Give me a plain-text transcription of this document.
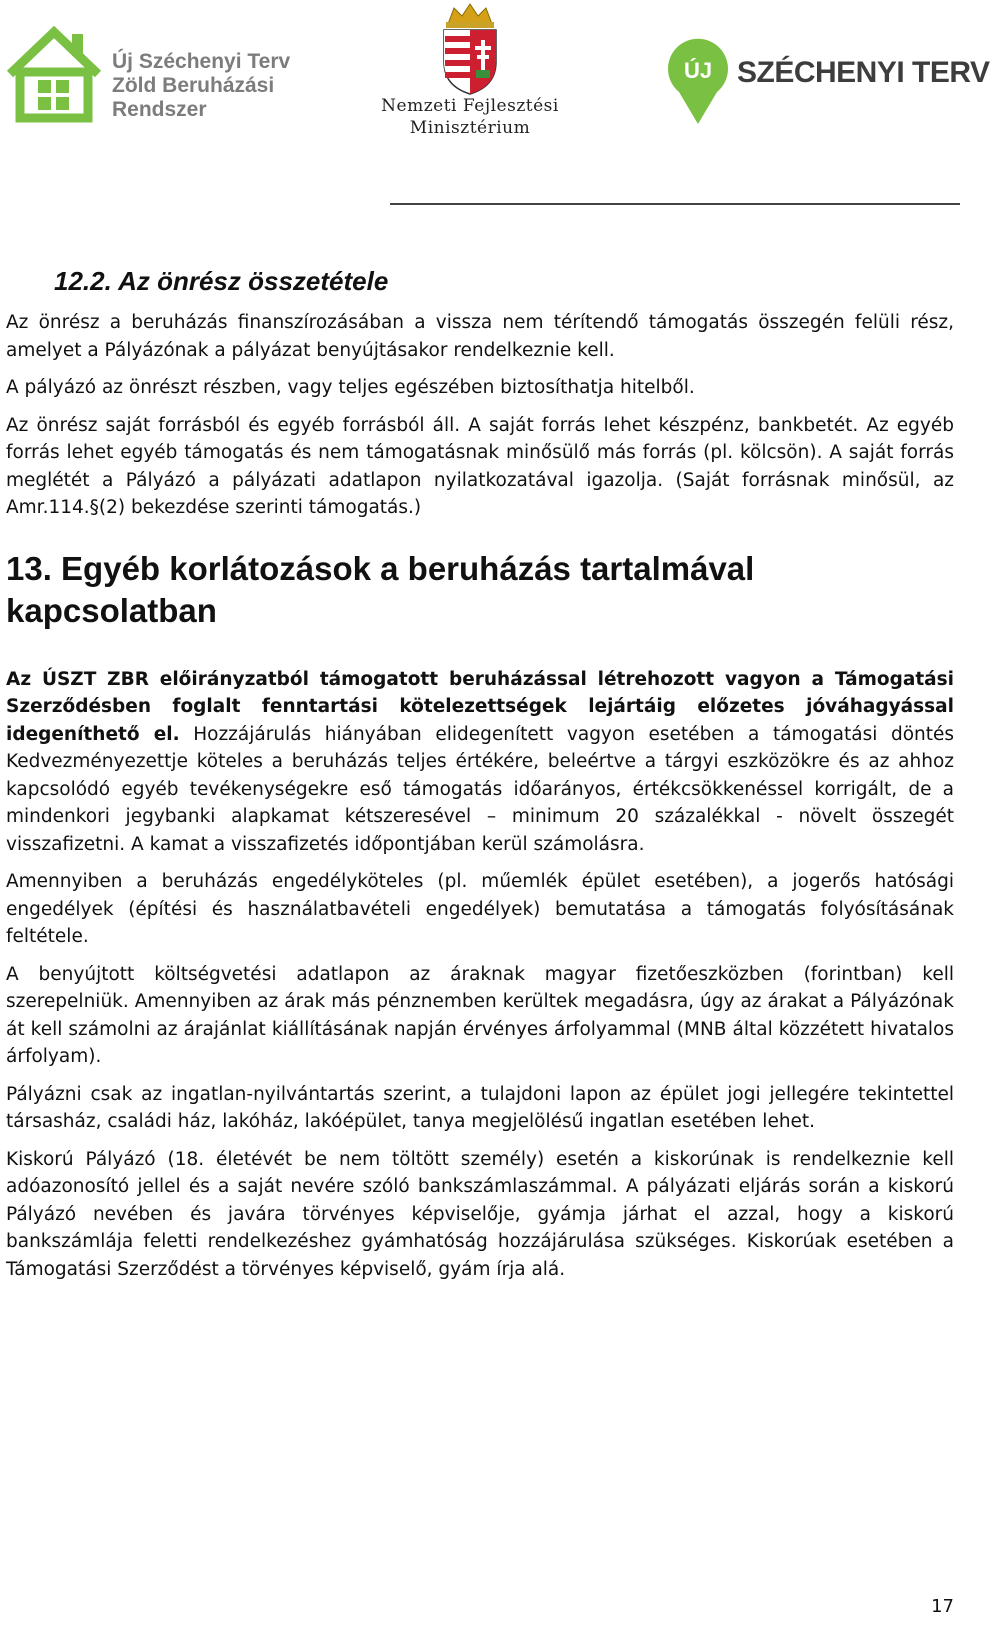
Új Széchenyi Terv
Zöld Beruházási
Rendszer	Nemzeti Fejlesztési
Minisztérium
ÚJ SZÉCHENYI TERV
12.2. Az önrész összetétele

Az önrész a beruházás finanszírozásában a vissza nem térítendő támogatás összegén felüli rész, amelyet a Pályázónak a pályázat benyújtásakor rendelkeznie kell.

A pályázó az önrészt részben, vagy teljes egészében biztosíthatja hitelből.

Az önrész saját forrásból és egyéb forrásból áll. A saját forrás lehet készpénz, bankbetét. Az egyéb forrás lehet egyéb támogatás és nem támogatásnak minősülő más forrás (pl. kölcsön). A saját forrás meglétét a Pályázó a pályázati adatlapon nyilatkozatával igazolja. (Saját forrásnak minősül, az Amr.114.§(2) bekezdése szerinti támogatás.)

13. Egyéb korlátozások a beruházás tartalmával kapcsolatban

Az ÚSZT ZBR előirányzatból támogatott beruházással létrehozott vagyon a Támogatási Szerződésben foglalt fenntartási kötelezettségek lejártáig előzetes jóváhagyással idegeníthető el. Hozzájárulás hiányában elidegenített vagyon esetében a támogatási döntés Kedvezményezettje köteles a beruházás teljes értékére, beleértve a tárgyi eszközökre és az ahhoz kapcsolódó egyéb tevékenységekre eső támogatás időarányos, értékcsökkenéssel korrigált, de a mindenkori jegybanki alapkamat kétszeresével – minimum 20 százalékkal - növelt összegét visszafizetni. A kamat a visszafizetés időpontjában kerül számolásra.

Amennyiben a beruházás engedélyköteles (pl. műemlék épület esetében), a jogerős hatósági engedélyek (építési és használatbavételi engedélyek) bemutatása a támogatás folyósításának feltétele.

A benyújtott költségvetési adatlapon az áraknak magyar fizetőeszközben (forintban) kell szerepelniük. Amennyiben az árak más pénznemben kerültek megadásra, úgy az árakat a Pályázónak át kell számolni az árajánlat kiállításának napján érvényes árfolyammal (MNB által közzétett hivatalos árfolyam).

Pályázni csak az ingatlan-nyilvántartás szerint, a tulajdoni lapon az épület jogi jellegére tekintettel társasház, családi ház, lakóház, lakóépület, tanya megjelölésű ingatlan esetében lehet.

Kiskorú Pályázó (18. életévét be nem töltött személy) esetén a kiskorúnak is rendelkeznie kell adóazonosító jellel és a saját nevére szóló bankszámlaszámmal. A pályázati eljárás során a kiskorú Pályázó nevében és javára törvényes képviselője, gyámja járhat el azzal, hogy a kiskorú bankszámlája feletti rendelkezéshez gyámhatóság hozzájárulása szükséges. Kiskorúak esetében a Támogatási Szerződést a törvényes képviselő, gyám írja alá.

17
